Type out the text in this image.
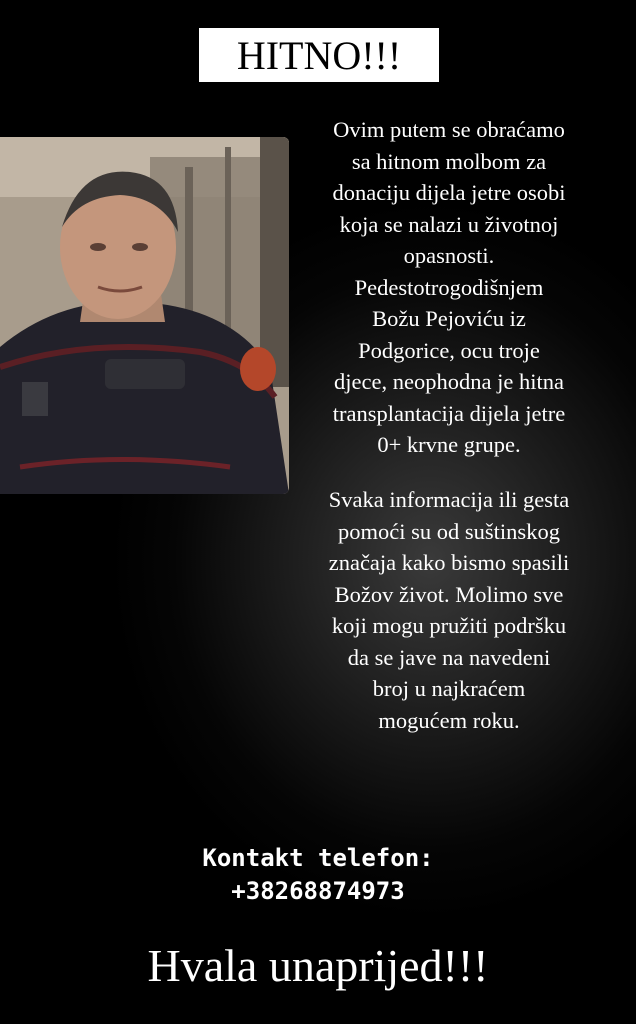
HITNO!!!
Ovim putem se obraćamo
sa hitnom molbom za
donaciju dijela jetre osobi
koja se nalazi u životnoj
opasnosti.
Pedestotrogodišnjem
Božu Pejoviću iz
Podgorice, ocu troje
djece, neophodna je hitna
transplantacija dijela jetre
0+ krvne grupe.
Svaka informacija ili gesta
pomoći su od suštinskog
značaja kako bismo spasili
Božov život. Molimo sve
koji mogu pružiti podršku
da se jave na navedeni
broj u najkraćem
mogućem roku.
Kontakt telefon:
+38268874973
Hvala unaprijed!!!
